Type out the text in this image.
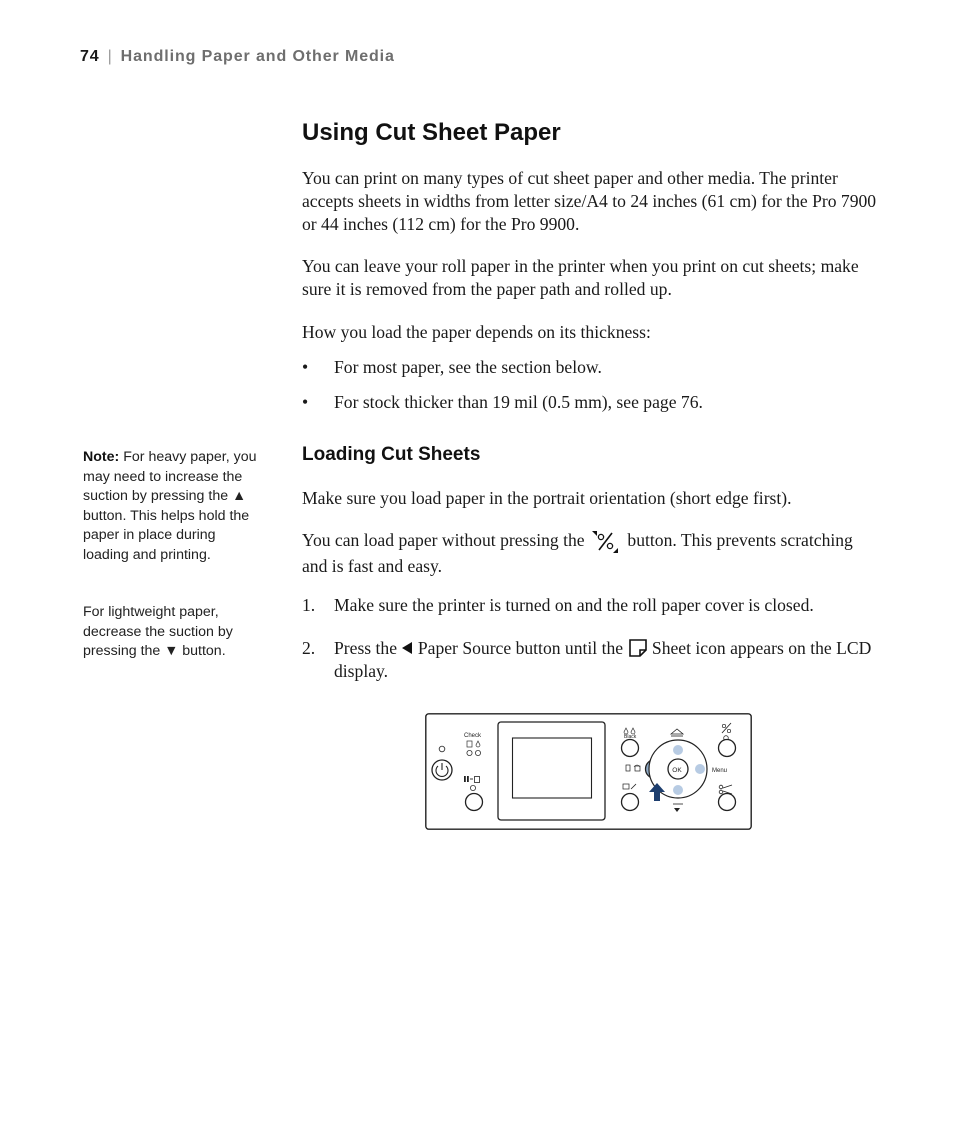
74 | Handling Paper and Other Media
Using Cut Sheet Paper

You can print on many types of cut sheet paper and other media. The printer accepts sheets in widths from letter size/A4 to 24 inches (61 cm) for the Pro 7900 or 44 inches (112 cm) for the Pro 9900.

You can leave your roll paper in the printer when you print on cut sheets; make sure it is removed from the paper path and rolled up.

How you load the paper depends on its thickness:

• For most paper, see the section below.
• For stock thicker than 19 mil (0.5 mm), see page 76.
Note: For heavy paper, you may need to increase the suction by pressing the ▲ button. This helps hold the paper in place during loading and printing.
For lightweight paper, decrease the suction by pressing the ▼ button.
Loading Cut Sheets

Make sure you load paper in the portrait orientation (short edge first).

You can load paper without pressing the button. This prevents scratching and is fast and easy.

1. Make sure the printer is turned on and the roll paper cover is closed.
2. Press the Paper Source button until the Sheet icon appears on the LCD display.
Check	Black
OK	Menu
